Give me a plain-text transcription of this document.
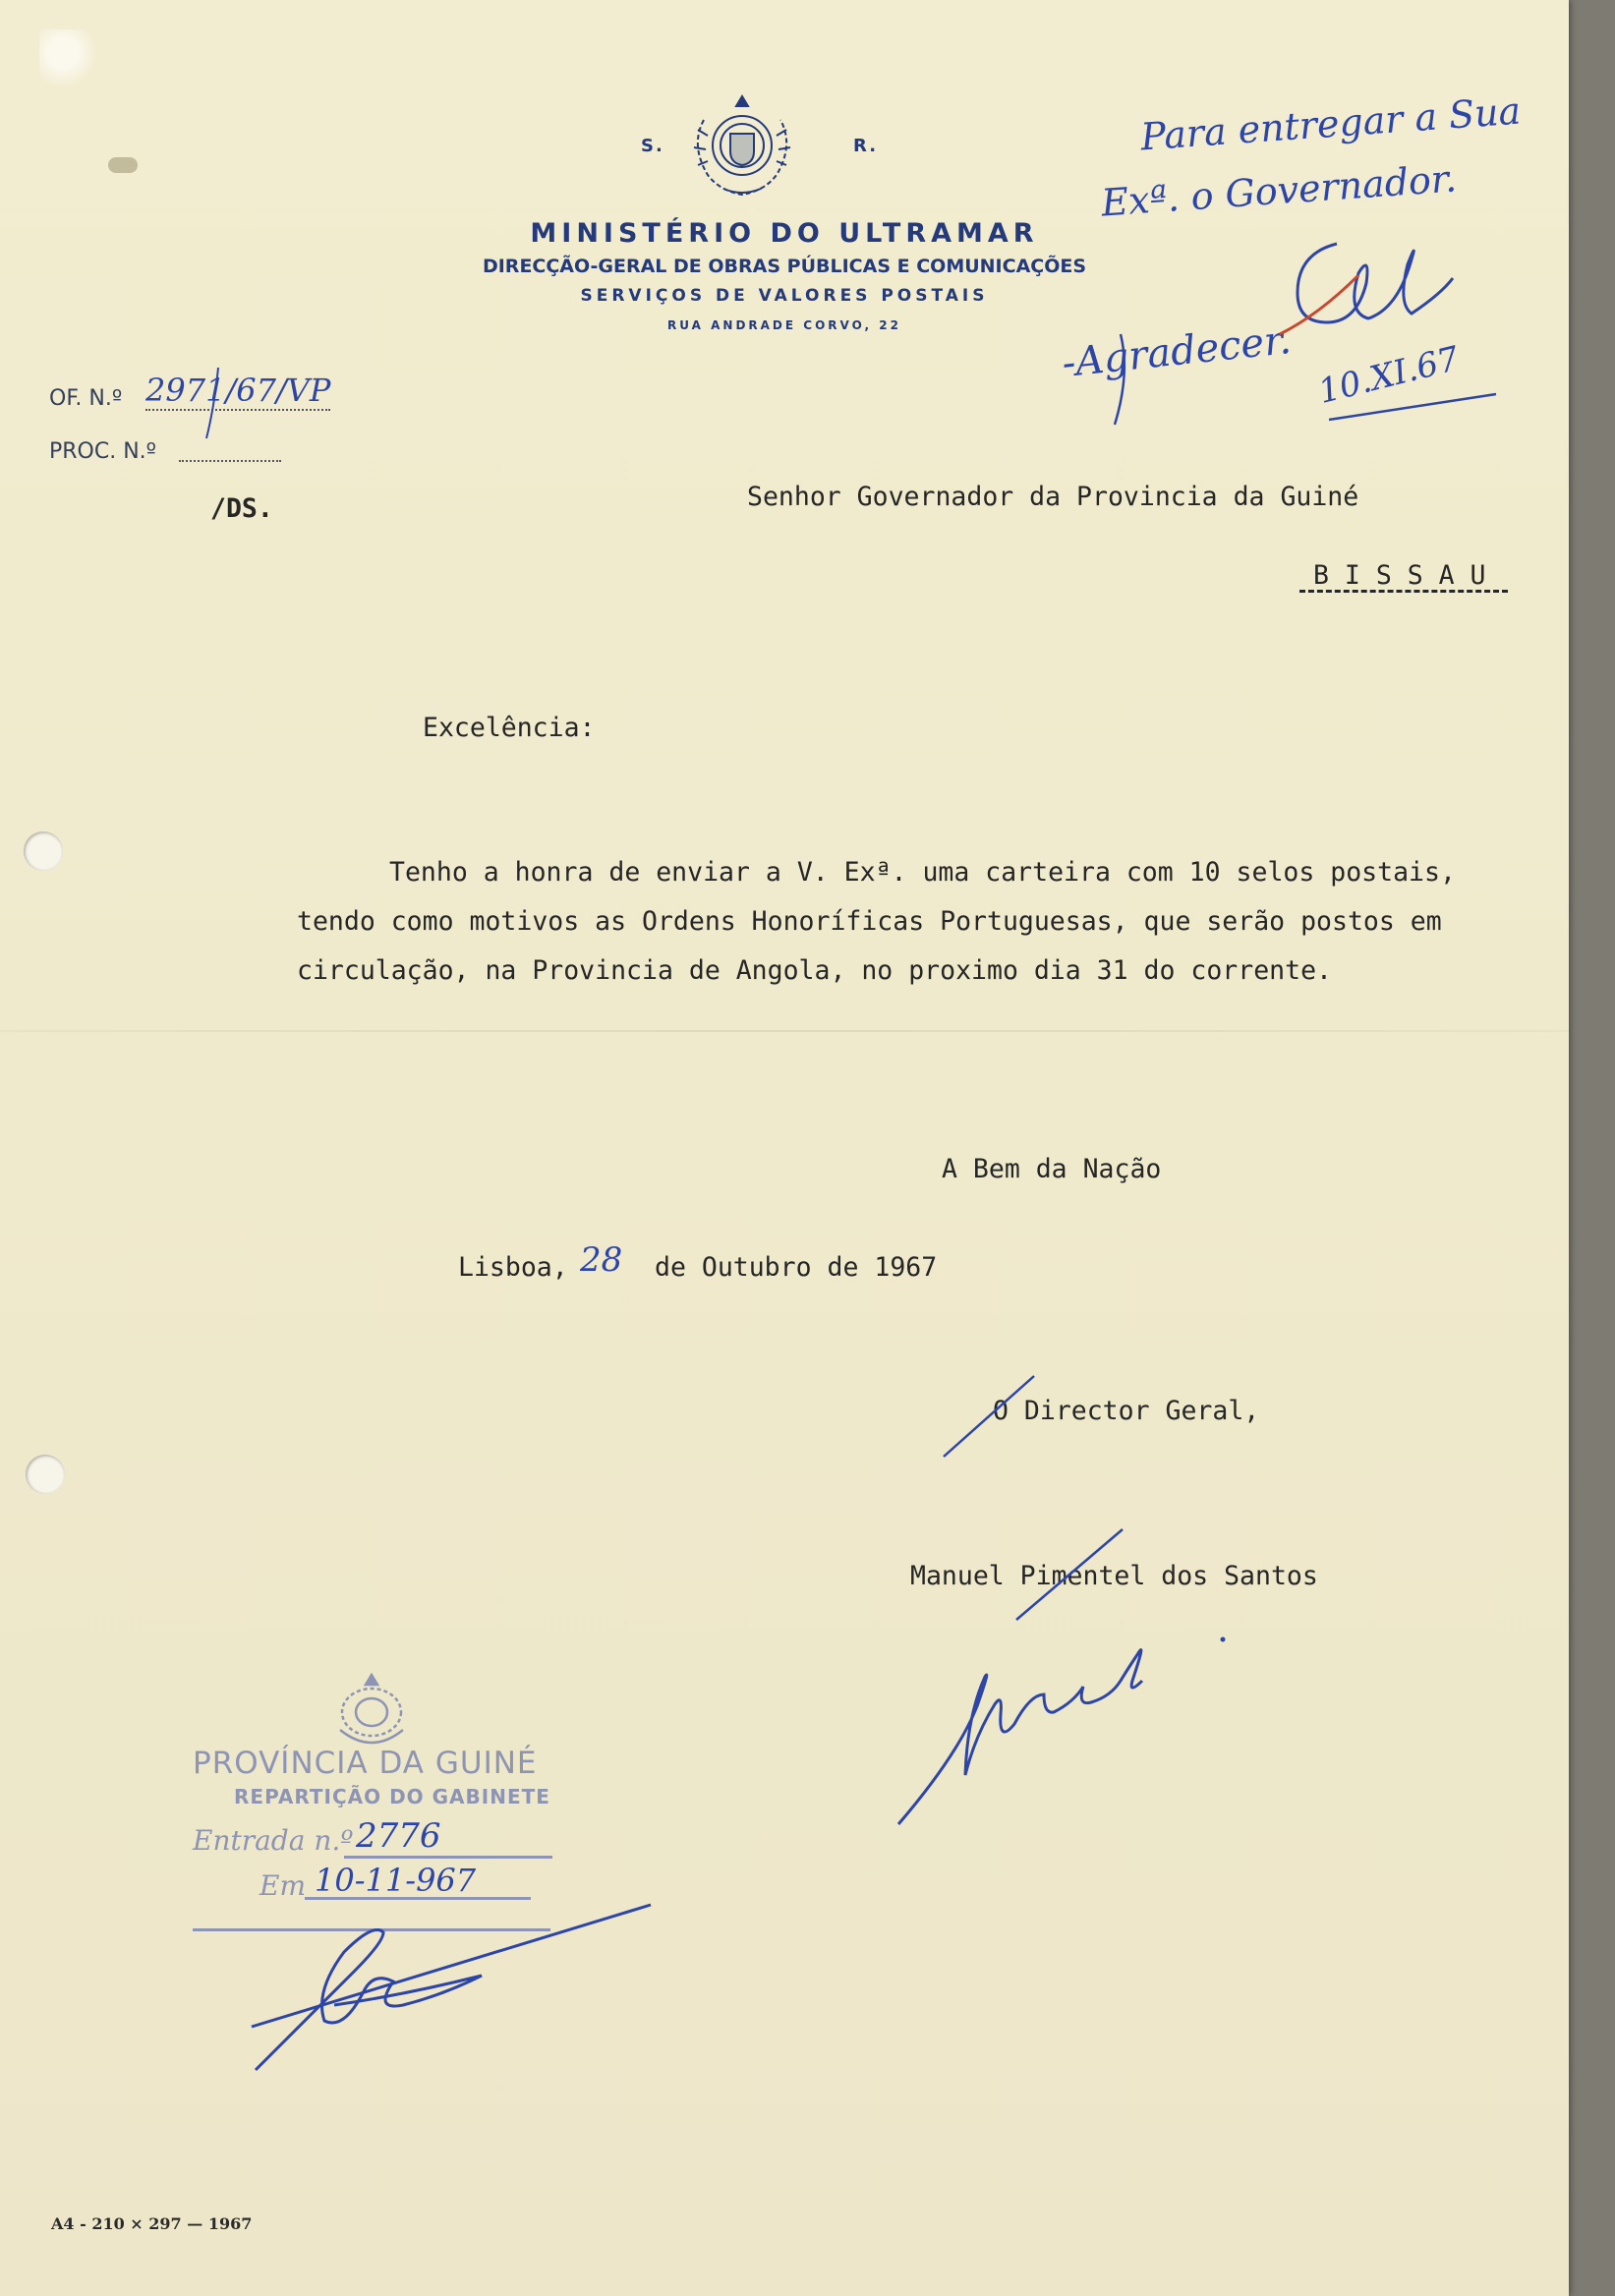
S.	R.
MINISTÉRIO DO ULTRAMAR
DIRECÇÃO-GERAL DE OBRAS PÚBLICAS E COMUNICAÇÕES
SERVIÇOS DE VALORES POSTAIS
RUA ANDRADE CORVO, 22
OF. N.º 2971/67/VP
PROC. N.º
/DS.	Senhor Governador da Provincia da Guiné
B I S S A U
Excelência:
Tenho a honra de enviar a V. Exª. uma carteira com 10 selos postais,
tendo como motivos as Ordens Honoríficas Portuguesas, que serão postos em
circulação, na Provincia de Angola, no proximo dia 31 do corrente.
A Bem da Nação
Lisboa, 28 de Outubro de 1967
O Director Geral,
Manuel Pimentel dos Santos
Para entregar a Sua
Exª. o Governador.
-Agradecer. 10.XI.67
PROVÍNCIA DA GUINÉ
REPARTIÇÃO DO GABINETE
Entrada n.º 2776
Em 10-11-967
A4 - 210 × 297 — 1967
